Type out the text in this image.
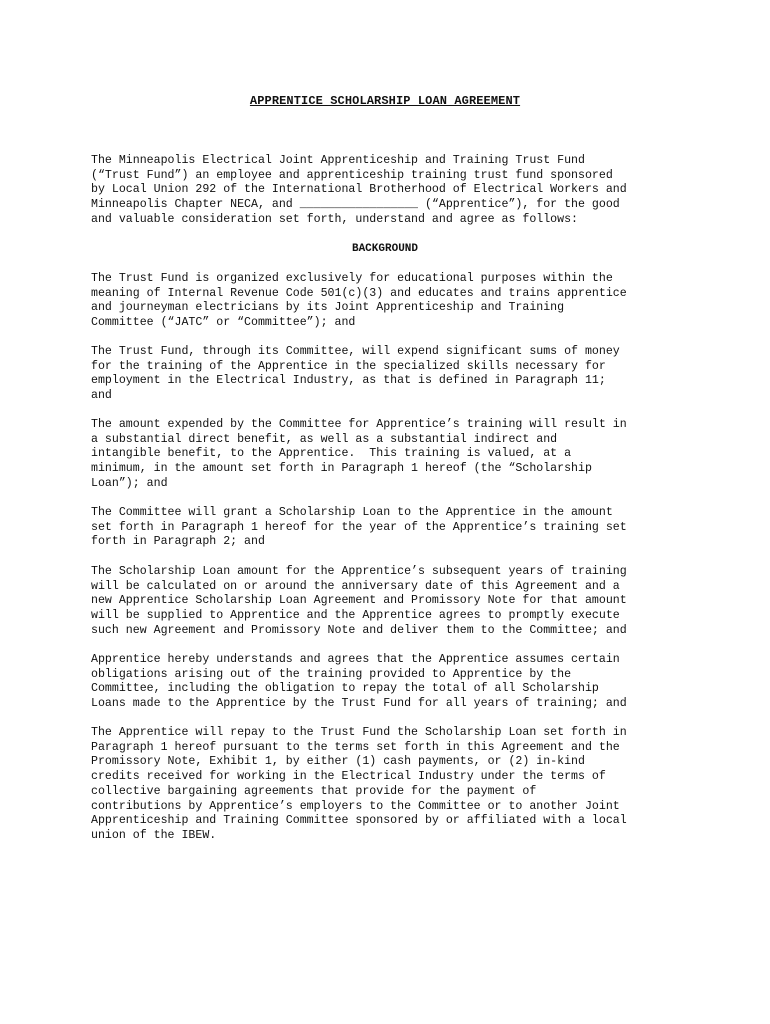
APPRENTICE SCHOLARSHIP LOAN AGREEMENT
The Minneapolis Electrical Joint Apprenticeship and Training Trust Fund
(“Trust Fund”) an employee and apprenticeship training trust fund sponsored
by Local Union 292 of the International Brotherhood of Electrical Workers and
Minneapolis Chapter NECA, and _________________ (“Apprentice”), for the good
and valuable consideration set forth, understand and agree as follows:
BACKGROUND
The Trust Fund is organized exclusively for educational purposes within the
meaning of Internal Revenue Code 501(c)(3) and educates and trains apprentice
and journeyman electricians by its Joint Apprenticeship and Training
Committee (“JATC” or “Committee”); and
The Trust Fund, through its Committee, will expend significant sums of money
for the training of the Apprentice in the specialized skills necessary for
employment in the Electrical Industry, as that is defined in Paragraph 11;
and
The amount expended by the Committee for Apprentice’s training will result in
a substantial direct benefit, as well as a substantial indirect and
intangible benefit, to the Apprentice.  This training is valued, at a
minimum, in the amount set forth in Paragraph 1 hereof (the “Scholarship
Loan”); and
The Committee will grant a Scholarship Loan to the Apprentice in the amount
set forth in Paragraph 1 hereof for the year of the Apprentice’s training set
forth in Paragraph 2; and
The Scholarship Loan amount for the Apprentice’s subsequent years of training
will be calculated on or around the anniversary date of this Agreement and a
new Apprentice Scholarship Loan Agreement and Promissory Note for that amount
will be supplied to Apprentice and the Apprentice agrees to promptly execute
such new Agreement and Promissory Note and deliver them to the Committee; and
Apprentice hereby understands and agrees that the Apprentice assumes certain
obligations arising out of the training provided to Apprentice by the
Committee, including the obligation to repay the total of all Scholarship
Loans made to the Apprentice by the Trust Fund for all years of training; and
The Apprentice will repay to the Trust Fund the Scholarship Loan set forth in
Paragraph 1 hereof pursuant to the terms set forth in this Agreement and the
Promissory Note, Exhibit 1, by either (1) cash payments, or (2) in-kind
credits received for working in the Electrical Industry under the terms of
collective bargaining agreements that provide for the payment of
contributions by Apprentice’s employers to the Committee or to another Joint
Apprenticeship and Training Committee sponsored by or affiliated with a local
union of the IBEW.
